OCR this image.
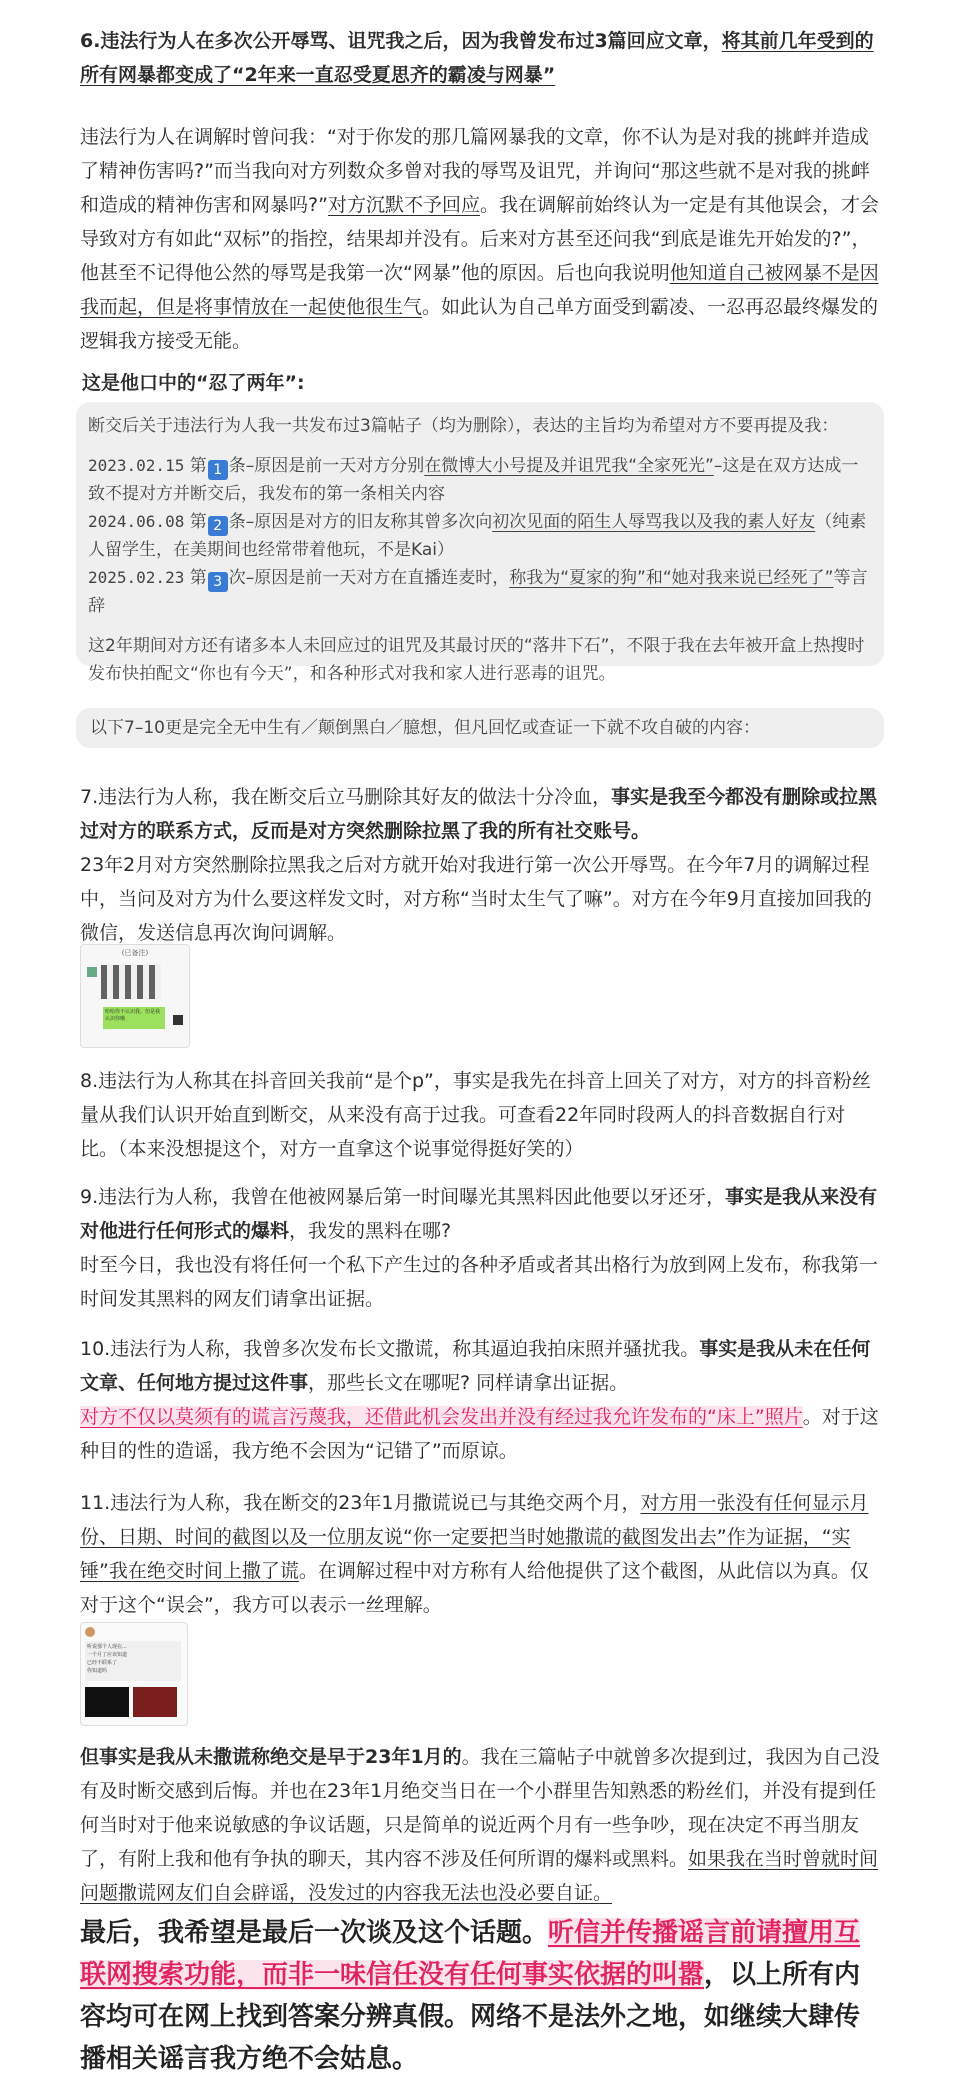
6.违法行为人在多次公开辱骂、诅咒我之后，因为我曾发布过3篇回应文章，将其前几年受到的所有网暴都变成了“2年来一直忍受夏思齐的霸凌与网暴”

违法行为人在调解时曾问我：“对于你发的那几篇网暴我的文章，你不认为是对我的挑衅并造成了精神伤害吗?”而当我向对方列数众多曾对我的辱骂及诅咒，并询问“那这些就不是对我的挑衅和造成的精神伤害和网暴吗?”对方沉默不予回应。我在调解前始终认为一定是有其他误会，才会导致对方有如此“双标”的指控，结果却并没有。后来对方甚至还问我“到底是谁先开始发的?”，他甚至不记得他公然的辱骂是我第一次“网暴”他的原因。后也向我说明他知道自己被网暴不是因我而起，但是将事情放在一起使他很生气。如此认为自己单方面受到霸凌、一忍再忍最终爆发的逻辑我方接受无能。

这是他口中的“忍了两年”:

断交后关于违法行为人我一共发布过3篇帖子（均为删除），表达的主旨均为希望对方不要再提及我：
2023.02.15 第 1 条–原因是前一天对方分别在微博大小号提及并诅咒我“全家死光”–这是在双方达成一致不提对方并断交后，我发布的第一条相关内容
2024.06.08 第 2 条–原因是对方的旧友称其曾多次向初次见面的陌生人辱骂我以及我的素人好友（纯素人留学生，在美期间也经常带着他玩，不是Kai）
2025.02.23 第 3 次–原因是前一天对方在直播连麦时，称我为“夏家的狗”和“她对我来说已经死了”等言辞
这2年期间对方还有诸多本人未回应过的诅咒及其最讨厌的“落井下石”，不限于我在去年被开盒上热搜时发布快拍配文“你也有今天”，和各种形式对我和家人进行恶毒的诅咒。
以下7–10更是完全无中生有／颠倒黑白／臆想，但凡回忆或查证一下就不攻自破的内容：

7.违法行为人称，我在断交后立马删除其好友的做法十分冷血，事实是我至今都没有删除或拉黑过对方的联系方式，反而是对方突然删除拉黑了我的所有社交账号。

23年2月对方突然删除拉黑我之后对方就开始对我进行第一次公开辱骂。在今年7月的调解过程中，当问及对方为什么要这样发文时，对方称“当时太生气了嘛”。对方在今年9月直接加回我的微信，发送信息再次询问调解。

(已备注)
哈哈你不认识我，但是我认识你哦

8.违法行为人称其在抖音回关我前“是个p”，事实是我先在抖音上回关了对方，对方的抖音粉丝量从我们认识开始直到断交，从来没有高于过我。可查看22年同时段两人的抖音数据自行对比。（本来没想提这个，对方一直拿这个说事觉得挺好笑的）

9.违法行为人称，我曾在他被网暴后第一时间曝光其黑料因此他要以牙还牙，事实是我从来没有对他进行任何形式的爆料，我发的黑料在哪?

时至今日，我也没有将任何一个私下产生过的各种矛盾或者其出格行为放到网上发布，称我第一时间发其黑料的网友们请拿出证据。

10.违法行为人称，我曾多次发布长文撒谎，称其逼迫我拍床照并骚扰我。事实是我从未在任何文章、任何地方提过这件事，那些长文在哪呢? 同样请拿出证据。

对方不仅以莫须有的谎言污蔑我，还借此机会发出并没有经过我允许发布的“床上”照片。对于这种目的性的造谣，我方绝不会因为“记错了”而原谅。

11.违法行为人称，我在断交的23年1月撒谎说已与其绝交两个月，对方用一张没有任何显示月份、日期、时间的截图以及一位朋友说“你一定要把当时她撒谎的截图发出去”作为证据，“实锤”我在绝交时间上撒了谎。在调解过程中对方称有人给他提供了这个截图，从此信以为真。仅对于这个“误会”，我方可以表示一丝理解。

听说那个人现在...
一个月了应该知道
已经不联系了
你知道吗

但事实是我从未撒谎称绝交是早于23年1月的。我在三篇帖子中就曾多次提到过，我因为自己没有及时断交感到后悔。并也在23年1月绝交当日在一个小群里告知熟悉的粉丝们，并没有提到任何当时对于他来说敏感的争议话题，只是简单的说近两个月有一些争吵，现在决定不再当朋友了，有附上我和他有争执的聊天，其内容不涉及任何所谓的爆料或黑料。如果我在当时曾就时间问题撒谎网友们自会辟谣，没发过的内容我无法也没必要自证。

最后，我希望是最后一次谈及这个话题。听信并传播谣言前请擅用互联网搜索功能，而非一味信任没有任何事实依据的叫嚣，以上所有内容均可在网上找到答案分辨真假。网络不是法外之地，如继续大肆传播相关谣言我方绝不会姑息。
